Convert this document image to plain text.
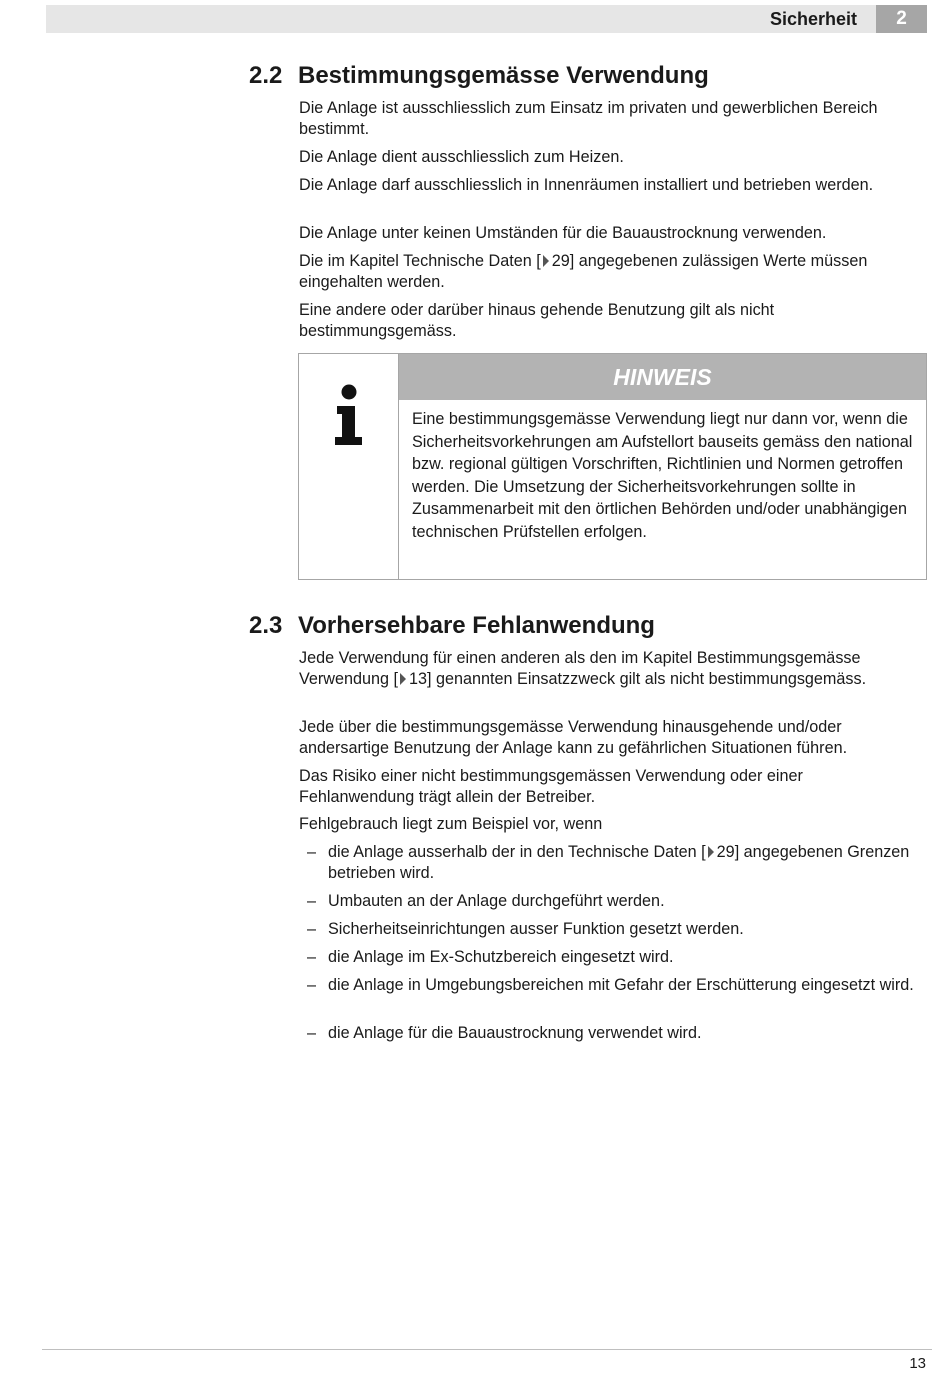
Sicherheit	2
2.2 Bestimmungsgemässe Verwendung

Die Anlage ist ausschliesslich zum Einsatz im privaten und gewerblichen Bereich bestimmt.

Die Anlage dient ausschliesslich zum Heizen.

Die Anlage darf ausschliesslich in Innenräumen installiert und betrieben werden.

Die Anlage unter keinen Umständen für die Bauaustrocknung verwenden.

Die im Kapitel Technische Daten [ 29] angegebenen zulässigen Werte müssen eingehalten werden.

Eine andere oder darüber hinaus gehende Benutzung gilt als nicht bestimmungsgemäss.

HINWEIS

Eine bestimmungsgemässe Verwendung liegt nur dann vor, wenn die Sicherheitsvorkehrungen am Aufstellort bauseits gemäss den national bzw. regional gültigen Vorschriften, Richtlinien und Normen getroffen werden. Die Umsetzung der Sicherheitsvorkehrungen sollte in Zusammenarbeit mit den örtlichen Behörden und/oder unabhängigen technischen Prüfstellen erfolgen.

2.3 Vorhersehbare Fehlanwendung

Jede Verwendung für einen anderen als den im Kapitel Bestimmungsgemässe Verwendung [ 13] genannten Einsatzzweck gilt als nicht bestimmungsgemäss.

Jede über die bestimmungsgemässe Verwendung hinausgehende und/oder andersartige Benutzung der Anlage kann zu gefährlichen Situationen führen.

Das Risiko einer nicht bestimmungsgemässen Verwendung oder einer Fehlanwendung trägt allein der Betreiber.

Fehlgebrauch liegt zum Beispiel vor, wenn

– die Anlage ausserhalb der in den Technische Daten [ 29] angegebenen Grenzen betrieben wird.
– Umbauten an der Anlage durchgeführt werden.
– Sicherheitseinrichtungen ausser Funktion gesetzt werden.
– die Anlage im Ex-Schutzbereich eingesetzt wird.
– die Anlage in Umgebungsbereichen mit Gefahr der Erschütterung eingesetzt wird.
– die Anlage für die Bauaustrocknung verwendet wird.
13
